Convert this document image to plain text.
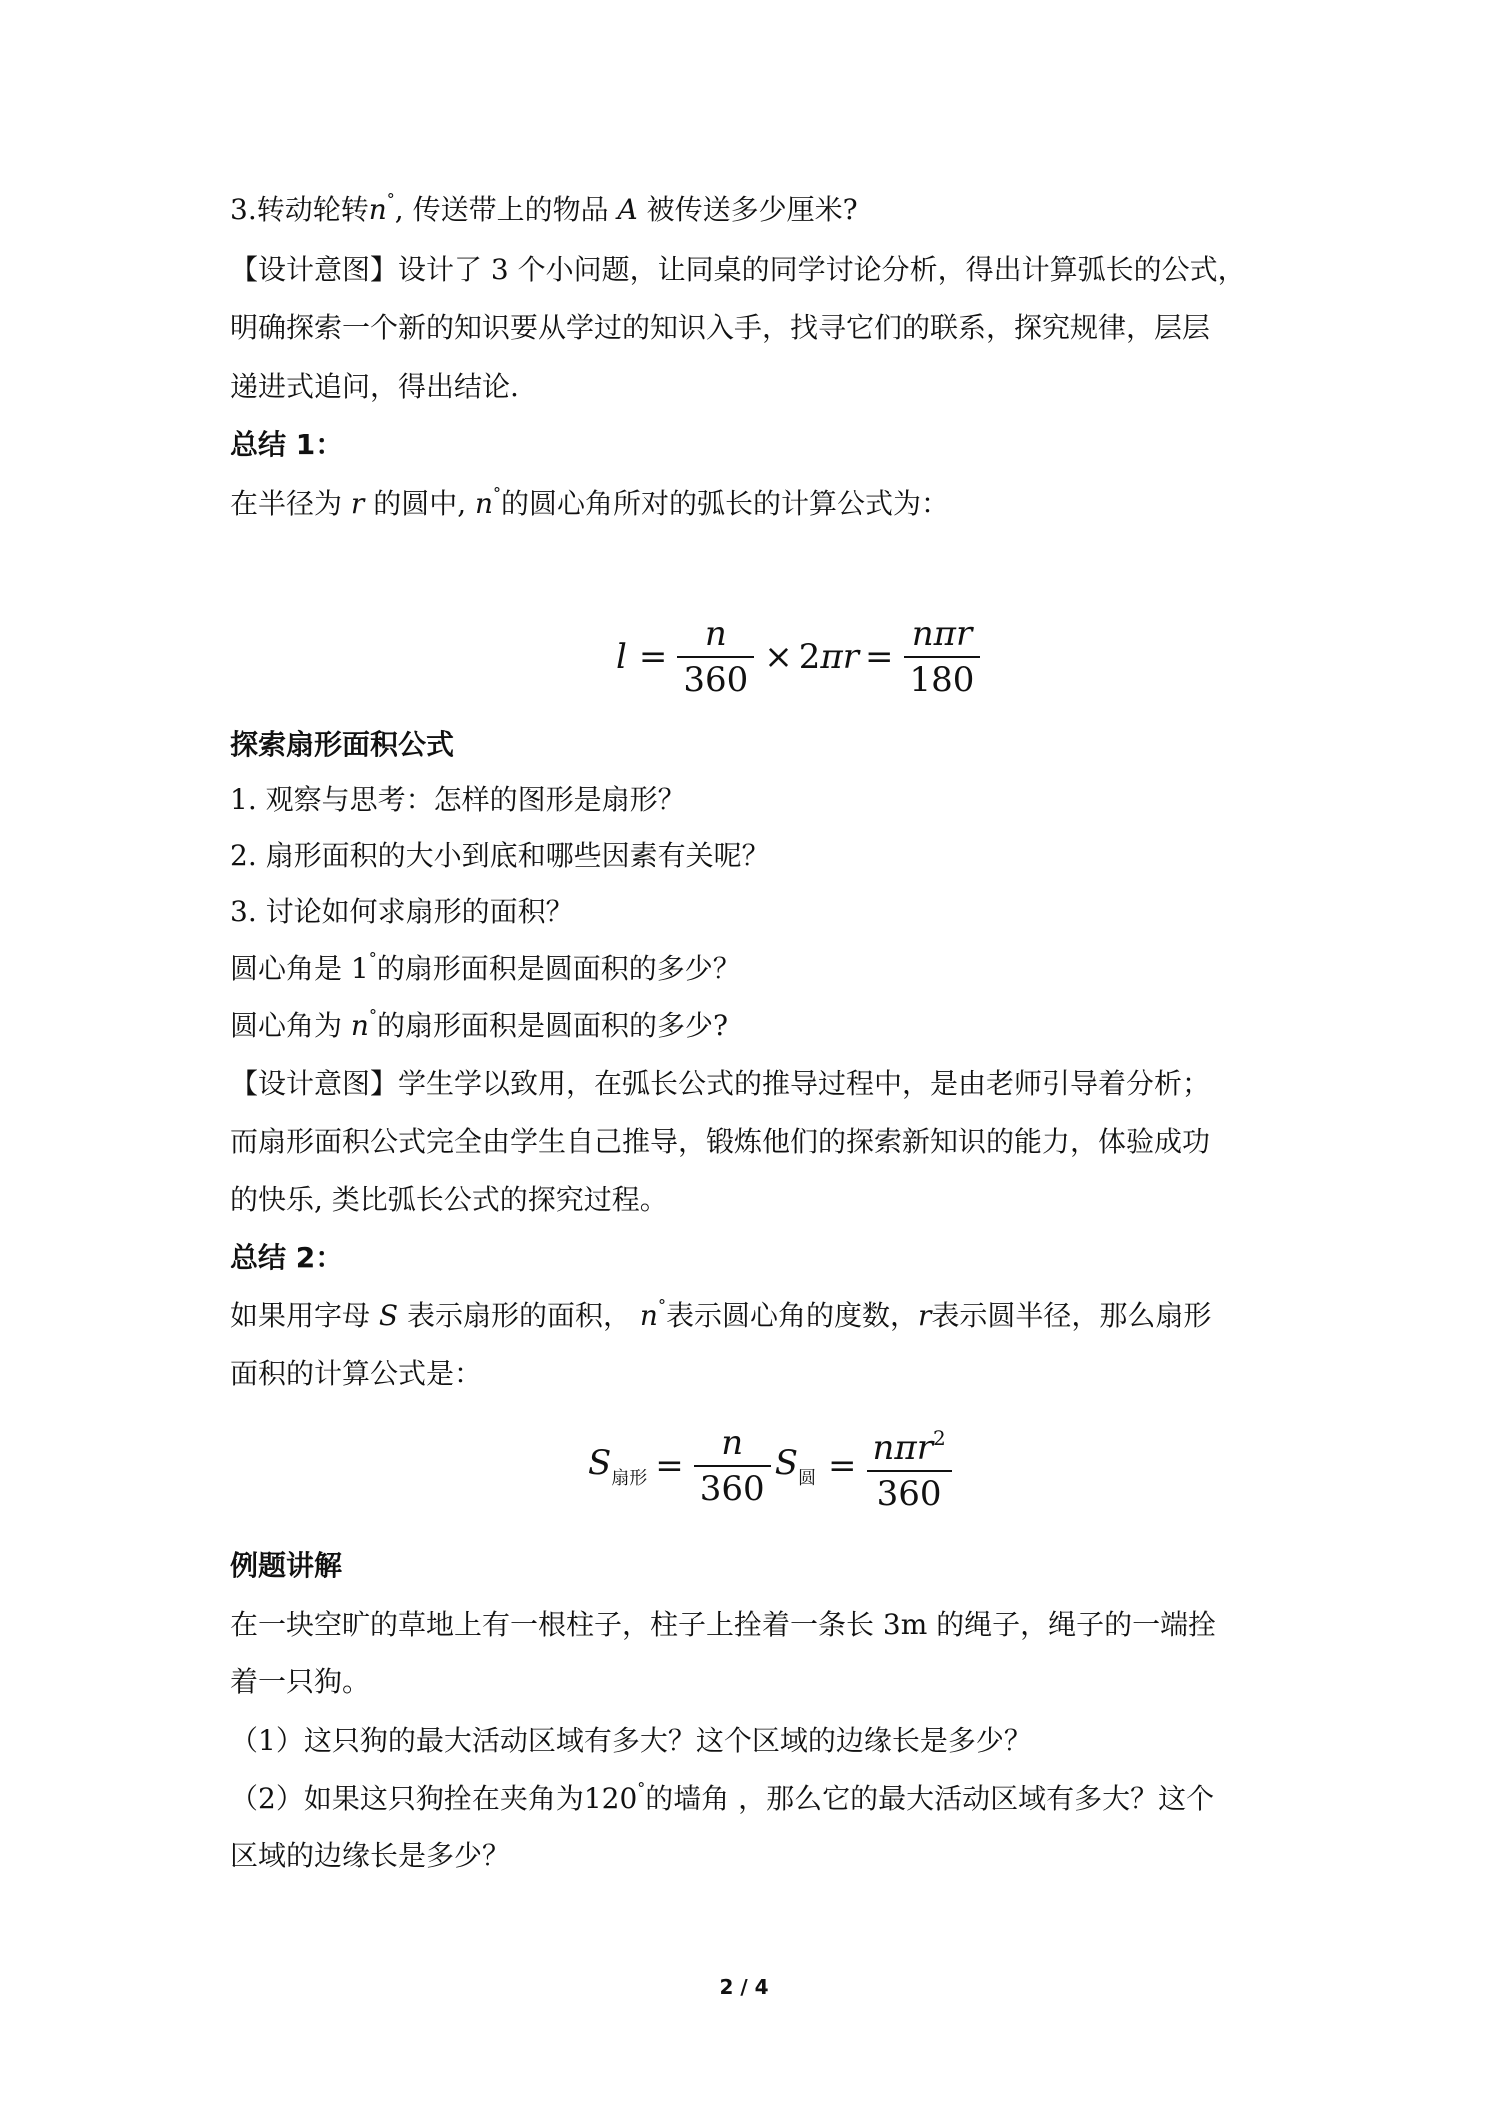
3.转动轮转n°, 传送带上的物品 A 被传送多少厘米?
【设计意图】设计了 3 个小问题，让同桌的同学讨论分析，得出计算弧长的公式，
明确探索一个新的知识要从学过的知识入手，找寻它们的联系，探究规律，层层
递进式追问，得出结论.
总结 1：
在半径为 r 的圆中, n°的圆心角所对的弧长的计算公式为：
$l = \frac{n}{360} \times 2\pi r = \frac{\text{nπr}}{180}$
探索扇形面积公式
1. 观察与思考：怎样的图形是扇形？
2. 扇形面积的大小到底和哪些因素有关呢？
3. 讨论如何求扇形的面积？
圆心角是 1°的扇形面积是圆面积的多少？
圆心角为 n°的扇形面积是圆面积的多少?
【设计意图】学生学以致用，在弧长公式的推导过程中，是由老师引导着分析；
而扇形面积公式完全由学生自己推导，锻炼他们的探索新知识的能力，体验成功
的快乐, 类比弧长公式的探究过程。
总结 2：
如果用字母 S 表示扇形的面积， n°表示圆心角的度数，r表示圆半径，那么扇形
面积的计算公式是：
$S_{扇形} = \frac{n}{360} S_圆 = \frac{n\pi r^2}{360}$
例题讲解
在一块空旷的草地上有一根柱子，柱子上拴着一条长 3m 的绳子，绳子的一端拴
着一只狗。
（1）这只狗的最大活动区域有多大？这个区域的边缘长是多少？
（2）如果这只狗拴在夹角为120°的墙角 ，那么它的最大活动区域有多大？这个
区域的边缘长是多少？
2 / 4
